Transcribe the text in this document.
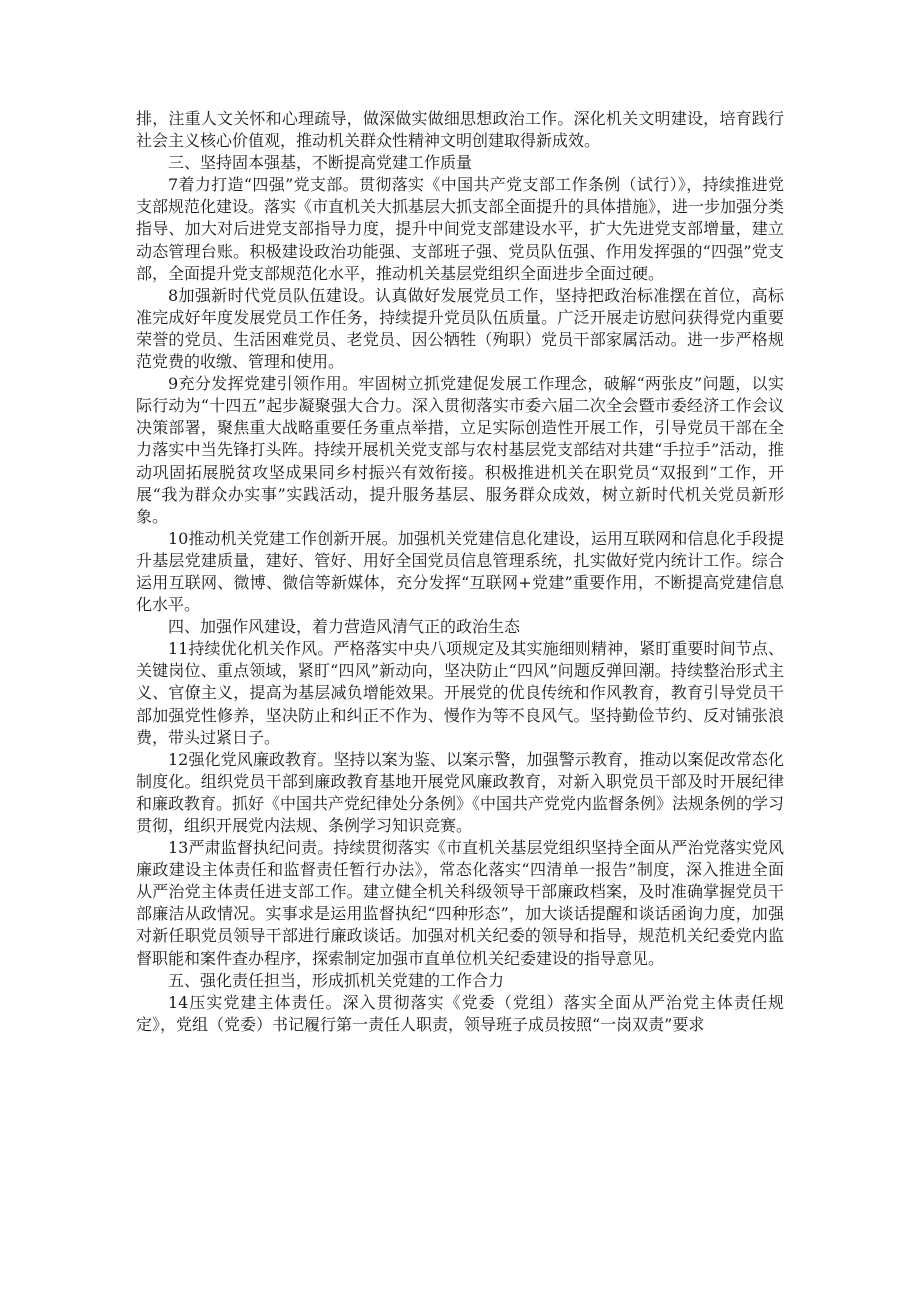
排，注重人文关怀和心理疏导，做深做实做细思想政治工作。深化机关文明建设，培育践行社会主义核心价值观，推动机关群众性精神文明创建取得新成效。

三、坚持固本强基，不断提高党建工作质量

7着力打造“四强”党支部。贯彻落实《中国共产党支部工作条例（试行）》，持续推进党支部规范化建设。落实《市直机关大抓基层大抓支部全面提升的具体措施》，进一步加强分类指导、加大对后进党支部指导力度，提升中间党支部建设水平，扩大先进党支部增量，建立动态管理台账。积极建设政治功能强、支部班子强、党员队伍强、作用发挥强的“四强”党支部，全面提升党支部规范化水平，推动机关基层党组织全面进步全面过硬。

8加强新时代党员队伍建设。认真做好发展党员工作，坚持把政治标准摆在首位，高标准完成好年度发展党员工作任务，持续提升党员队伍质量。广泛开展走访慰问获得党内重要荣誉的党员、生活困难党员、老党员、因公牺牲（殉职）党员干部家属活动。进一步严格规范党费的收缴、管理和使用。

9充分发挥党建引领作用。牢固树立抓党建促发展工作理念，破解“两张皮”问题，以实际行动为“十四五”起步凝聚强大合力。深入贯彻落实市委六届二次全会暨市委经济工作会议决策部署，聚焦重大战略重要任务重点举措，立足实际创造性开展工作，引导党员干部在全力落实中当先锋打头阵。持续开展机关党支部与农村基层党支部结对共建“手拉手”活动，推动巩固拓展脱贫攻坚成果同乡村振兴有效衔接。积极推进机关在职党员“双报到”工作，开展“我为群众办实事”实践活动，提升服务基层、服务群众成效，树立新时代机关党员新形象。

10推动机关党建工作创新开展。加强机关党建信息化建设，运用互联网和信息化手段提升基层党建质量，建好、管好、用好全国党员信息管理系统，扎实做好党内统计工作。综合运用互联网、微博、微信等新媒体，充分发挥“互联网+党建”重要作用，不断提高党建信息化水平。

四、加强作风建设，着力营造风清气正的政治生态

11持续优化机关作风。严格落实中央八项规定及其实施细则精神，紧盯重要时间节点、关键岗位、重点领域，紧盯“四风”新动向，坚决防止“四风”问题反弹回潮。持续整治形式主义、官僚主义，提高为基层减负增能效果。开展党的优良传统和作风教育，教育引导党员干部加强党性修养，坚决防止和纠正不作为、慢作为等不良风气。坚持勤俭节约、反对铺张浪费，带头过紧日子。

12强化党风廉政教育。坚持以案为鉴、以案示警，加强警示教育，推动以案促改常态化制度化。组织党员干部到廉政教育基地开展党风廉政教育，对新入职党员干部及时开展纪律和廉政教育。抓好《中国共产党纪律处分条例》《中国共产党党内监督条例》法规条例的学习贯彻，组织开展党内法规、条例学习知识竞赛。

13严肃监督执纪问责。持续贯彻落实《市直机关基层党组织坚持全面从严治党落实党风廉政建设主体责任和监督责任暂行办法》，常态化落实“四清单一报告”制度，深入推进全面从严治党主体责任进支部工作。建立健全机关科级领导干部廉政档案，及时准确掌握党员干部廉洁从政情况。实事求是运用监督执纪“四种形态”，加大谈话提醒和谈话函询力度，加强对新任职党员领导干部进行廉政谈话。加强对机关纪委的领导和指导，规范机关纪委党内监督职能和案件查办程序，探索制定加强市直单位机关纪委建设的指导意见。

五、强化责任担当，形成抓机关党建的工作合力

14压实党建主体责任。深入贯彻落实《党委（党组）落实全面从严治党主体责任规定》，党组（党委）书记履行第一责任人职责，领导班子成员按照“一岗双责”要求
